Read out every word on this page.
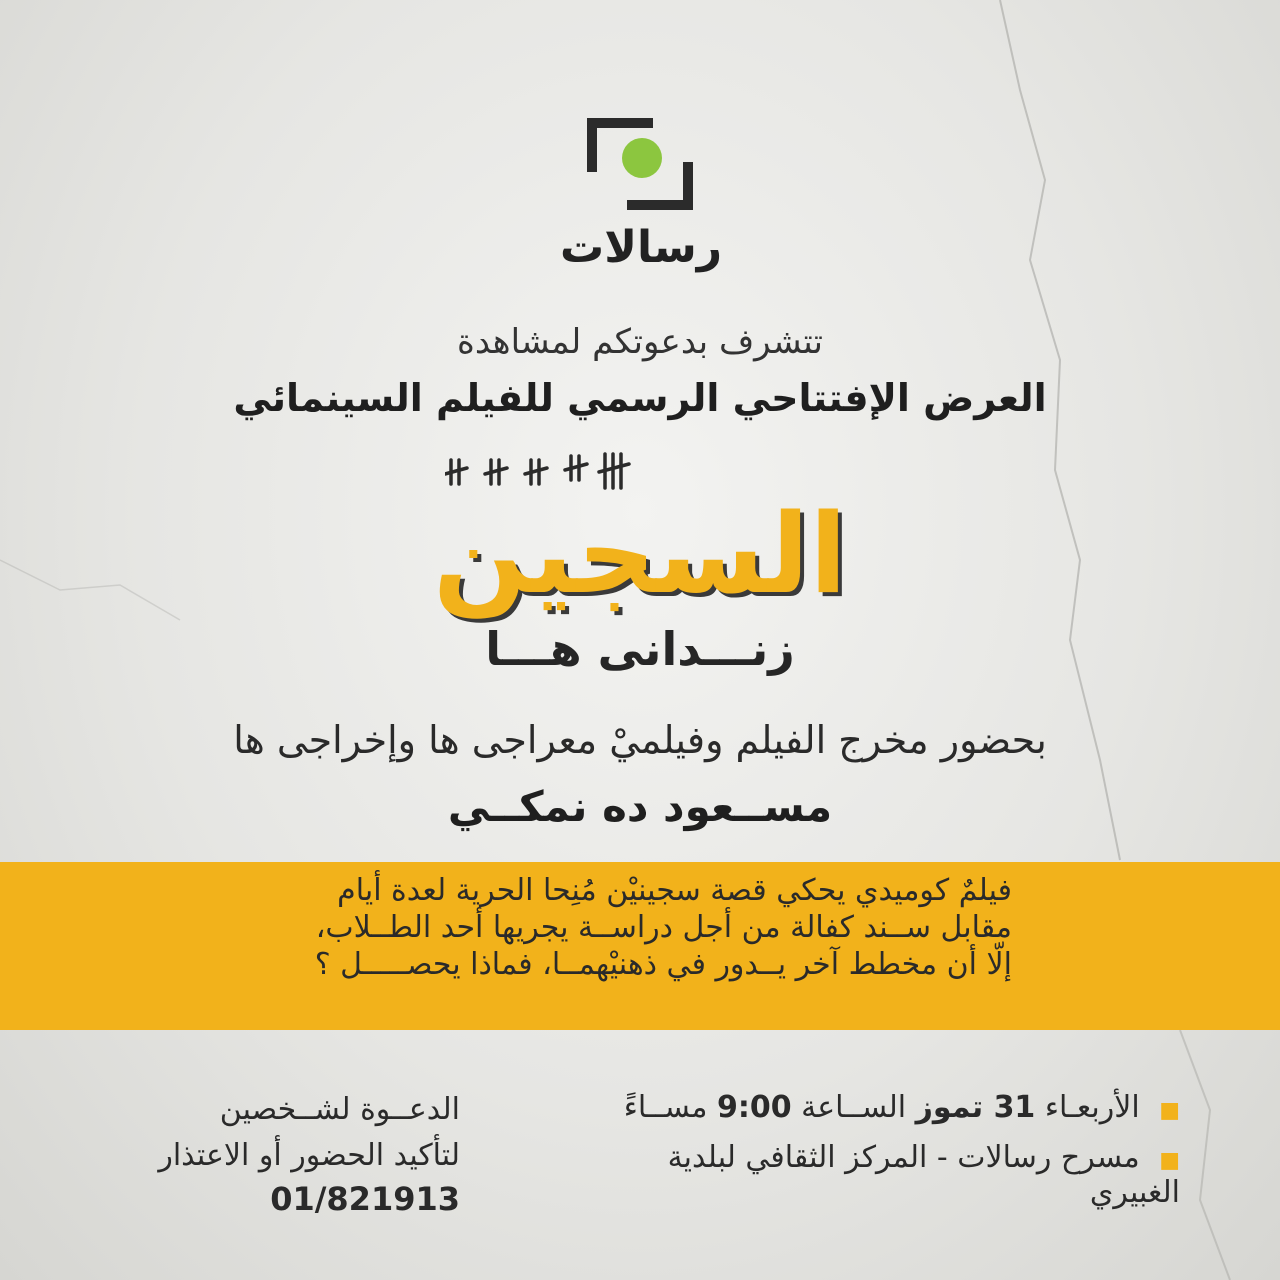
رسالات
تتشرف بدعوتكم لمشاهدة
العرض الإفتتاحي الرسمي للفيلم السينمائي
السجين
زنـــدانى هـــا
بحضور مخرج الفيلم وفيلميْ معراجى ها وإخراجى ها
مســعود ده نمكــي
فيلمٌ كوميدي يحكي قصة سجينيْن مُنِحا الحرية لعدة أيام
مقابل ســند كفالة من أجل دراســة يجريها أحد الطــلاب،
إلّا أن مخطط آخر يــدور في ذهنيْهمــا، فماذا يحصـــــل ؟
■ الأربعـاء 31 تموز الســاعة 9:00 مســاءً
■ مسرح رسالات - المركز الثقافي لبلدية الغبيري
الدعــوة لشــخصين
لتأكيد الحضور أو الاعتذار
01/821913
